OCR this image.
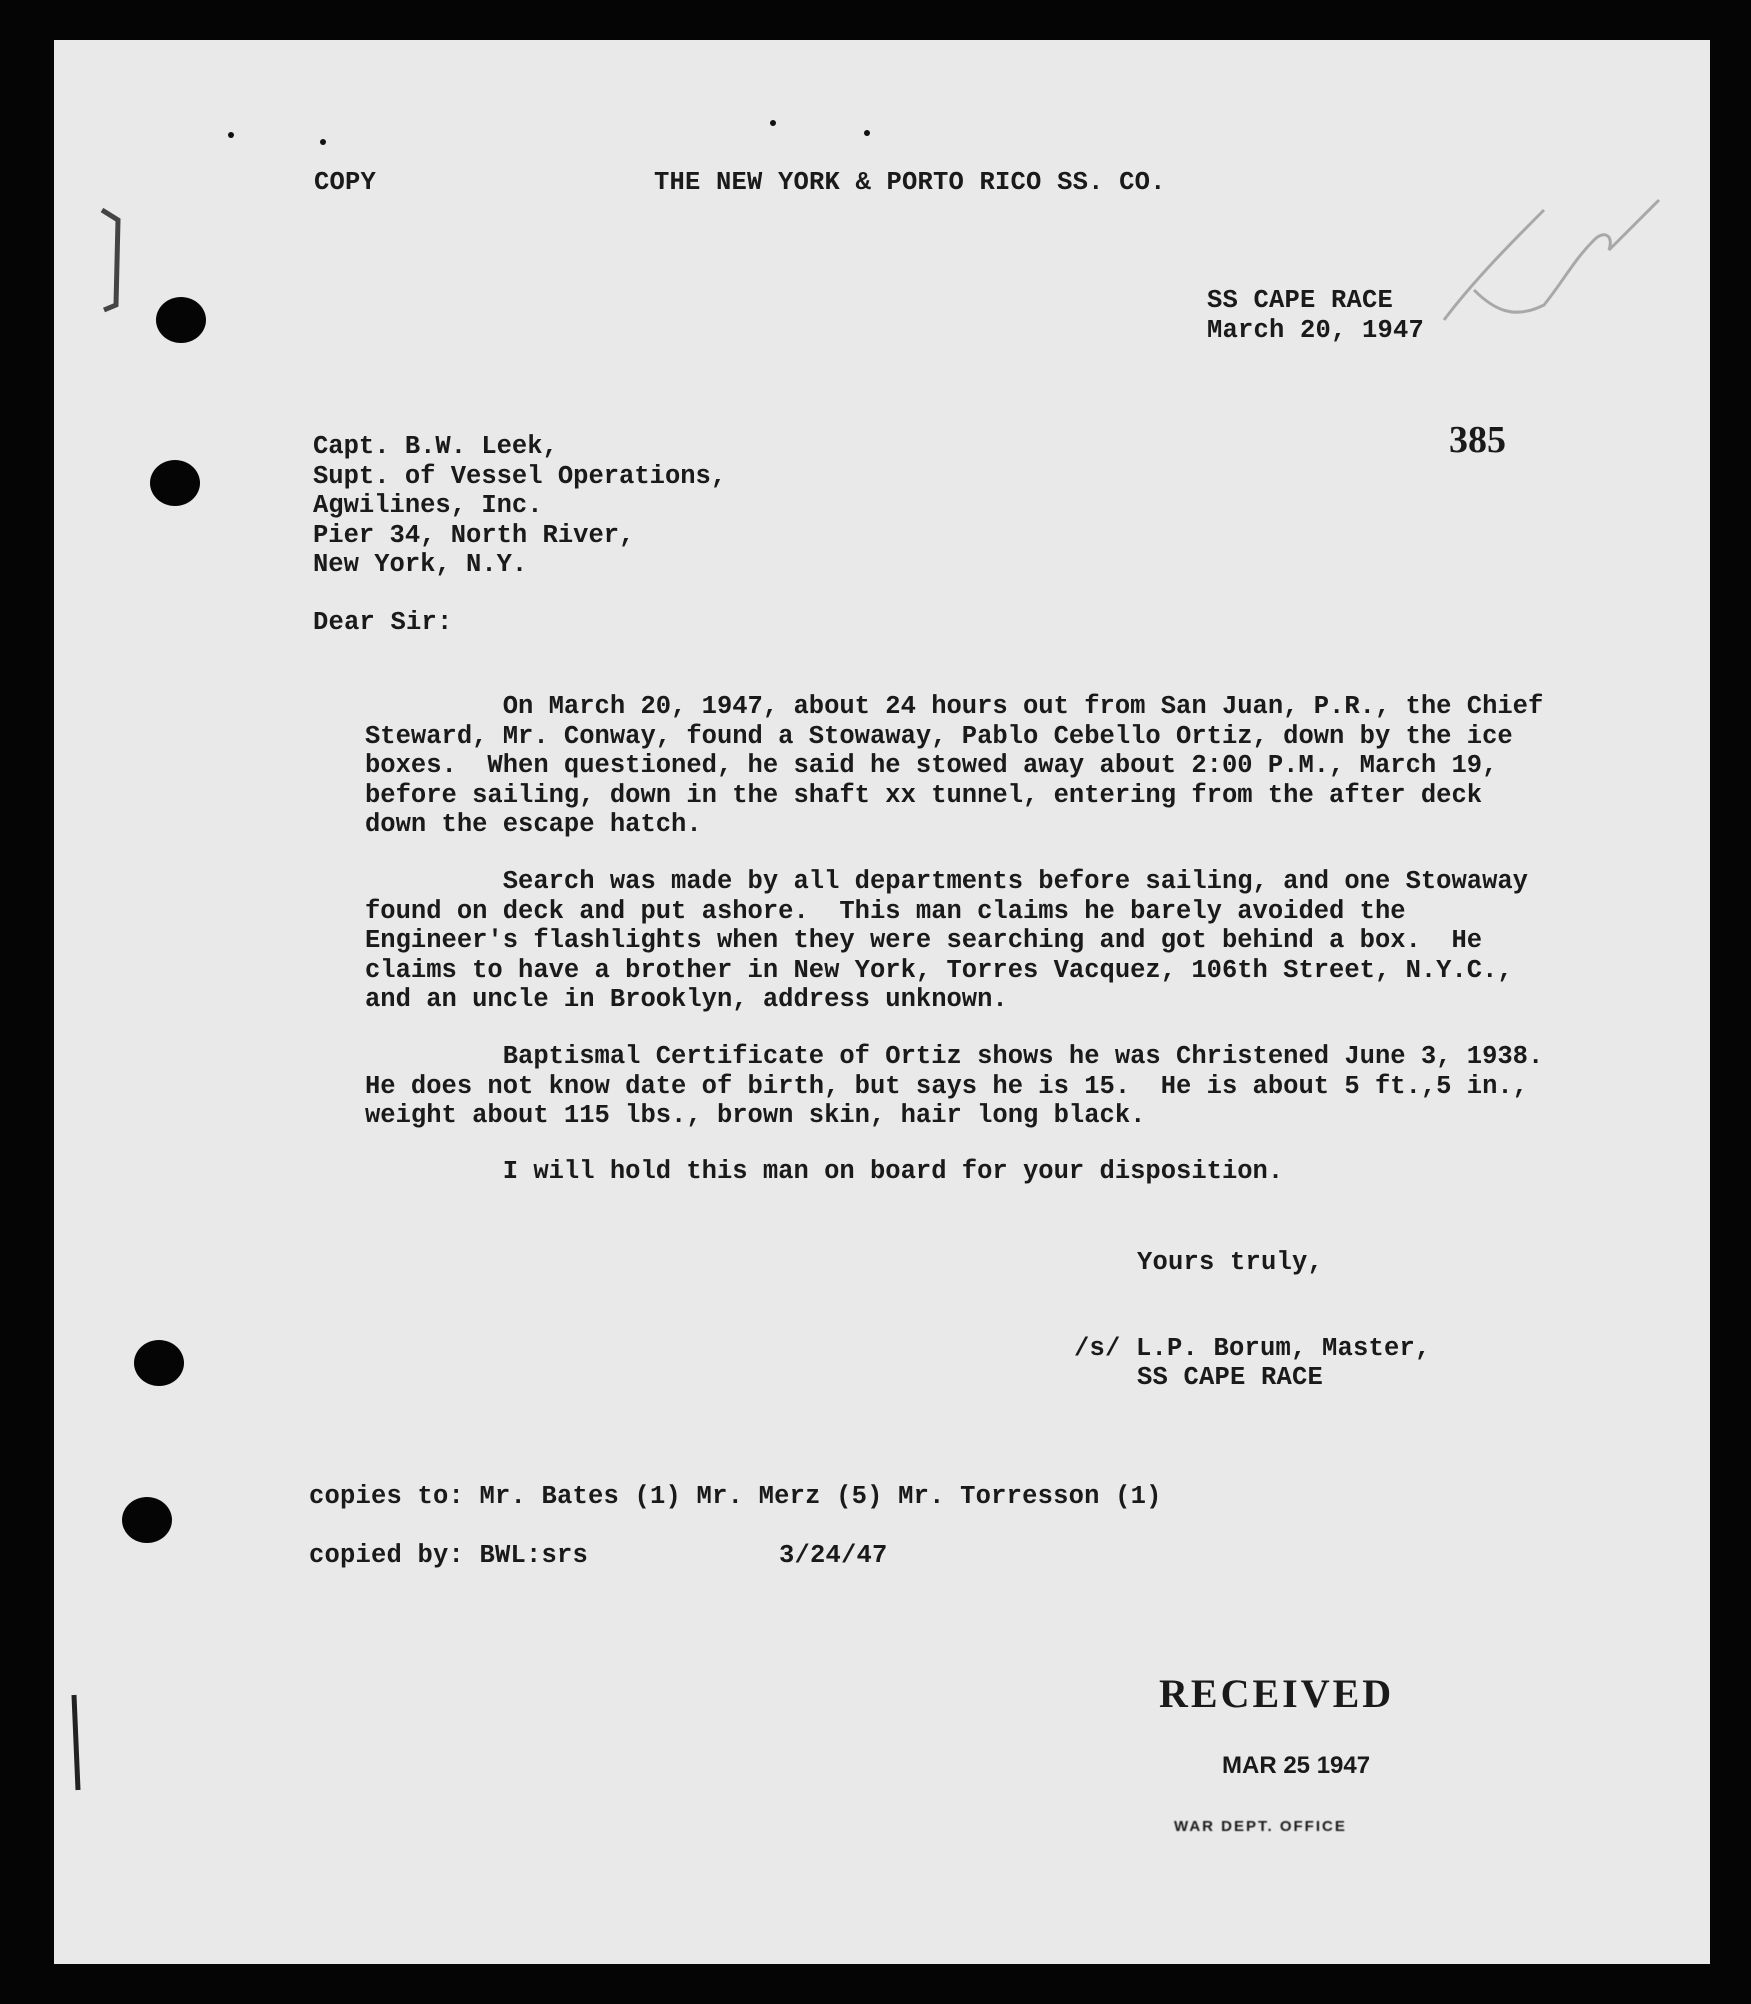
COPY	THE NEW YORK & PORTO RICO SS. CO.
SS CAPE RACE
March 20, 1947
385
Capt. B.W. Leek,
Supt. of Vessel Operations,
Agwilines, Inc.
Pier 34, North River,
New York, N.Y.
Dear Sir:
On March 20, 1947, about 24 hours out from San Juan, P.R., the Chief
Steward, Mr. Conway, found a Stowaway, Pablo Cebello Ortiz, down by the ice
boxes.  When questioned, he said he stowed away about 2:00 P.M., March 19,
before sailing, down in the shaft xx tunnel, entering from the after deck
down the escape hatch.
Search was made by all departments before sailing, and one Stowaway
found on deck and put ashore.  This man claims he barely avoided the
Engineer's flashlights when they were searching and got behind a box.  He
claims to have a brother in New York, Torres Vacquez, 106th Street, N.Y.C.,
and an uncle in Brooklyn, address unknown.
Baptismal Certificate of Ortiz shows he was Christened June 3, 1938.
He does not know date of birth, but says he is 15.  He is about 5 ft.,5 in.,
weight about 115 lbs., brown skin, hair long black.
I will hold this man on board for your disposition.
Yours truly,
/s/ L.P. Borum, Master,
SS CAPE RACE
copies to: Mr. Bates (1) Mr. Merz (5) Mr. Torresson (1)
copied by: BWL:srs	3/24/47
RECEIVED
MAR 25 1947
WAR DEPT. OFFICE
